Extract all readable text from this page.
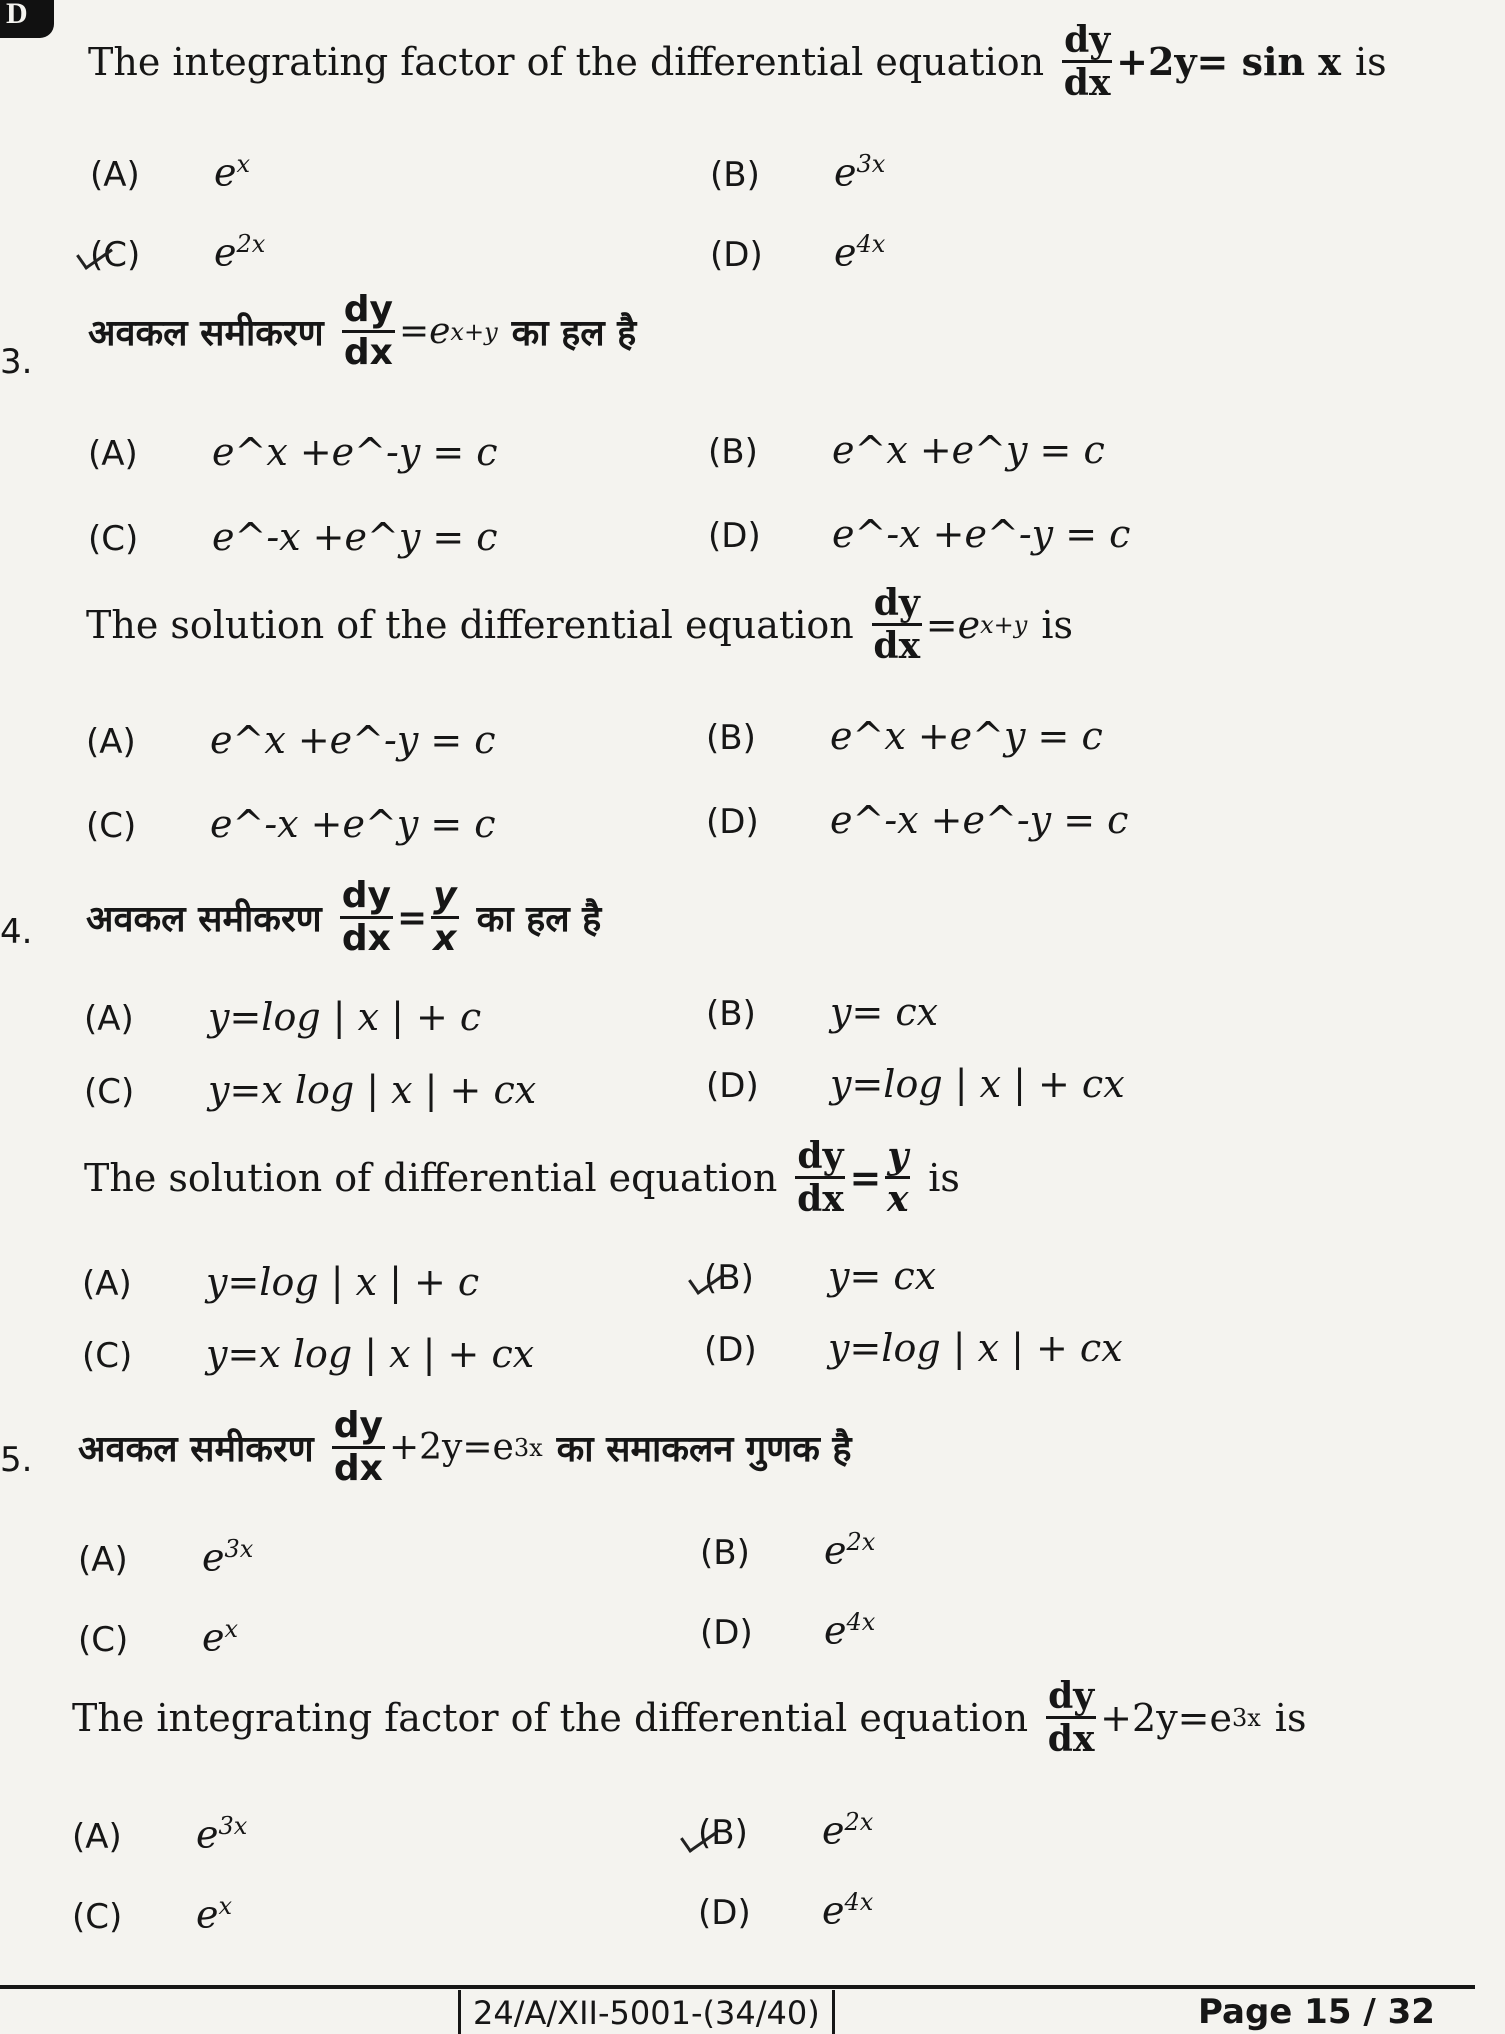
D
The integrating factor of the differential equation $\frac{dy}{dx} +2y= \sin x$ is
(A)	$e^x$	(B)	$e^{3x}$
(C)	$e^{2x}$	(D)	$e^{4x}$
3.
अवकल समीकरण $\frac{dy}{dx} =e$ x+y का हल है
(A)	e^x +e^-y = c	(B)	e^x +e^y = c
(C)	e^-x +e^y = c	(D)	e^-x +e^-y = c
The solution of the differential equation $\frac{dy}{dx} =e$ x+y is
(A)	e^x +e^-y = c	(B)	e^x +e^y = c
(C)	e^-x +e^y = c	(D)	e^-x +e^-y = c
4. अवकल समीकरण $\frac{dy}{dx} = \frac{y}{x}$ का हल है
(A)	y=log | x | + c	(B)	y= cx
(C)	y=x log | x | + cx	(D)	y=log | x | + cx
The solution of differential equation $\frac{dy}{dx} = \frac{y}{x}$ is
(A)	y=log | x | + c	(B)	y= cx
(C)	y=x log | x | + cx	(D)	y=log | x | + cx
5. अवकल समीकरण $\frac{dy}{dx} +2y=e$ 3x का समाकलन गुणक है
(A)	$e^{3x}$	(B)	$e^{2x}$
(C)	$e^x$	(D)	$e^{4x}$
The integrating factor of the differential equation $\frac{dy}{dx} +2y=e$ 3x is
(A)	$e^{3x}$	(B)	$e^{2x}$
(C)	$e^x$	(D)	$e^{4x}$
24/A/XII-5001-(34/40)	Page 15 / 32
